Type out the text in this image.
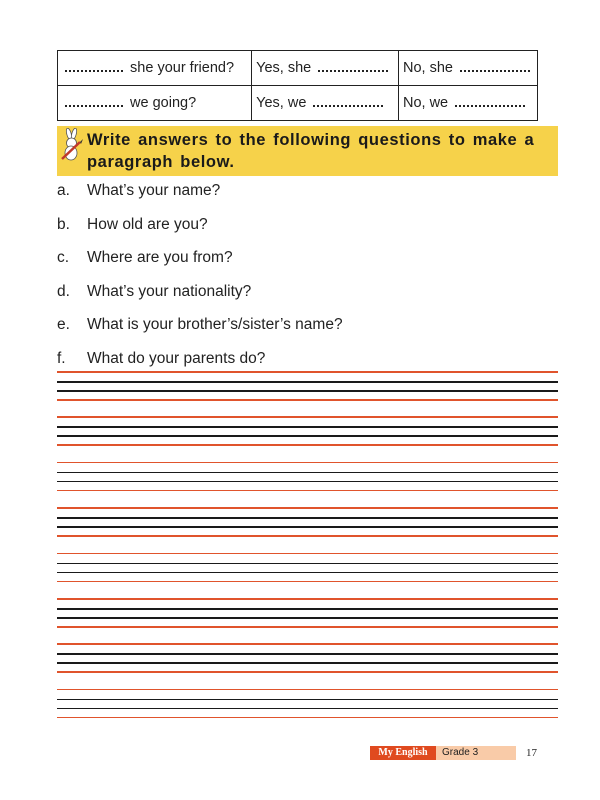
she your friend?	Yes, she	No, she
we going?	Yes, we	No, we
Write answers to the following questions to make a paragraph below.
a.	What’s your name?
b.	How old are you?
c.	Where are you from?
d.	What’s your nationality?
e.	What is your brother’s/sister’s name?
f.	What do your parents do?
My English	Grade 3	17
